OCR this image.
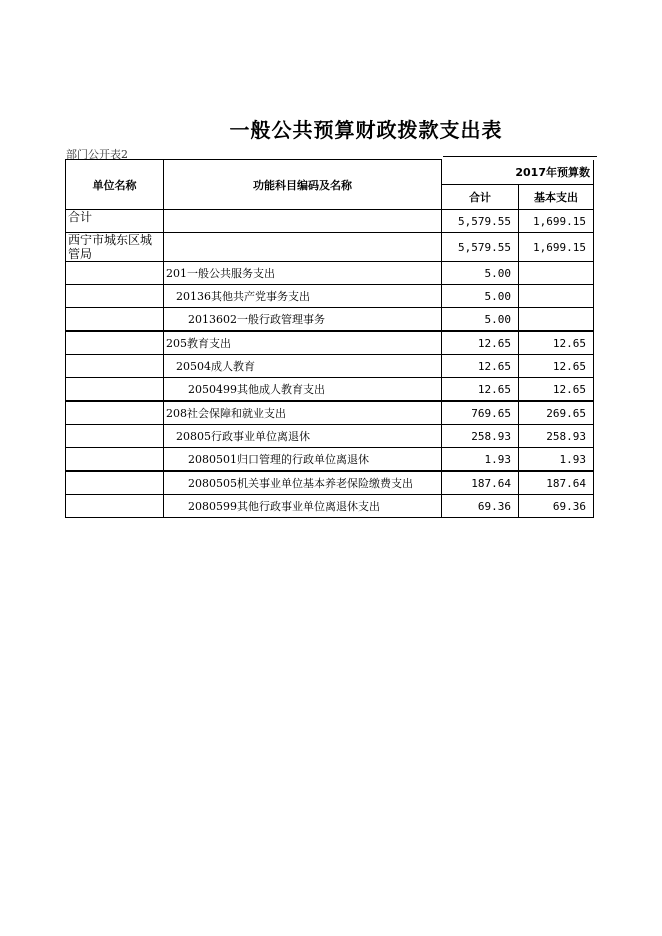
一般公共预算财政拨款支出表
部门公开表2
单位名称	功能科目编码及名称	2017年预算数	
		合计	基本支出
合计		5,579.55	1,699.15
西宁市城东区城管局		5,579.55	1,699.15
	201一般公共服务支出	5.00	
	20136其他共产党事务支出	5.00	
	2013602一般行政管理事务	5.00	
	205教育支出	12.65	12.65
	20504成人教育	12.65	12.65
	2050499其他成人教育支出	12.65	12.65
	208社会保障和就业支出	769.65	269.65
	20805行政事业单位离退休	258.93	258.93
	2080501归口管理的行政单位离退休	1.93	1.93
	2080505机关事业单位基本养老保险缴费支出	187.64	187.64
	2080599其他行政事业单位离退休支出	69.36	69.36
